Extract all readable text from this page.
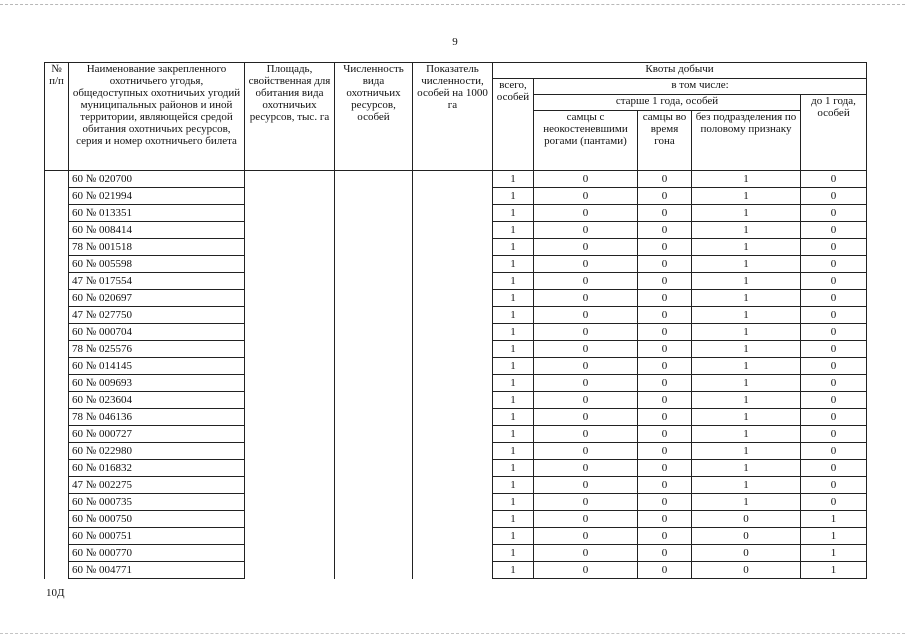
9
№ п/п	Наименование закрепленного охотничьего угодья, общедоступных охотничьих угодий муниципальных районов и иной территории, являющейся средой обитания охотничьих ресурсов, серия и номер охотничьего билета	Площадь, свойственная для обитания вида охотничьих ресурсов, тыс. га	Численность вида охотничьих ресурсов, особей	Показатель численности, особей на 1000 га	Квоты добычи				
					всего, особей	в том числе:			
						старше 1 года, особей			до 1 года, особей
						самцы с неокостеневшими рогами (пантами)	самцы во время гона	без подразделения по половому признаку	
	60 № 020700				1	0	0	1	0
	60 № 021994				1	0	0	1	0
	60 № 013351				1	0	0	1	0
	60 № 008414				1	0	0	1	0
	78 № 001518				1	0	0	1	0
	60 № 005598				1	0	0	1	0
	47 № 017554				1	0	0	1	0
	60 № 020697				1	0	0	1	0
	47 № 027750				1	0	0	1	0
	60 № 000704				1	0	0	1	0
	78 № 025576				1	0	0	1	0
	60 № 014145				1	0	0	1	0
	60 № 009693				1	0	0	1	0
	60 № 023604				1	0	0	1	0
	78 № 046136				1	0	0	1	0
	60 № 000727				1	0	0	1	0
	60 № 022980				1	0	0	1	0
	60 № 016832				1	0	0	1	0
	47 № 002275				1	0	0	1	0
	60 № 000735				1	0	0	1	0
	60 № 000750				1	0	0	0	1
	60 № 000751				1	0	0	0	1
	60 № 000770				1	0	0	0	1
	60 № 004771				1	0	0	0	1
10Д
